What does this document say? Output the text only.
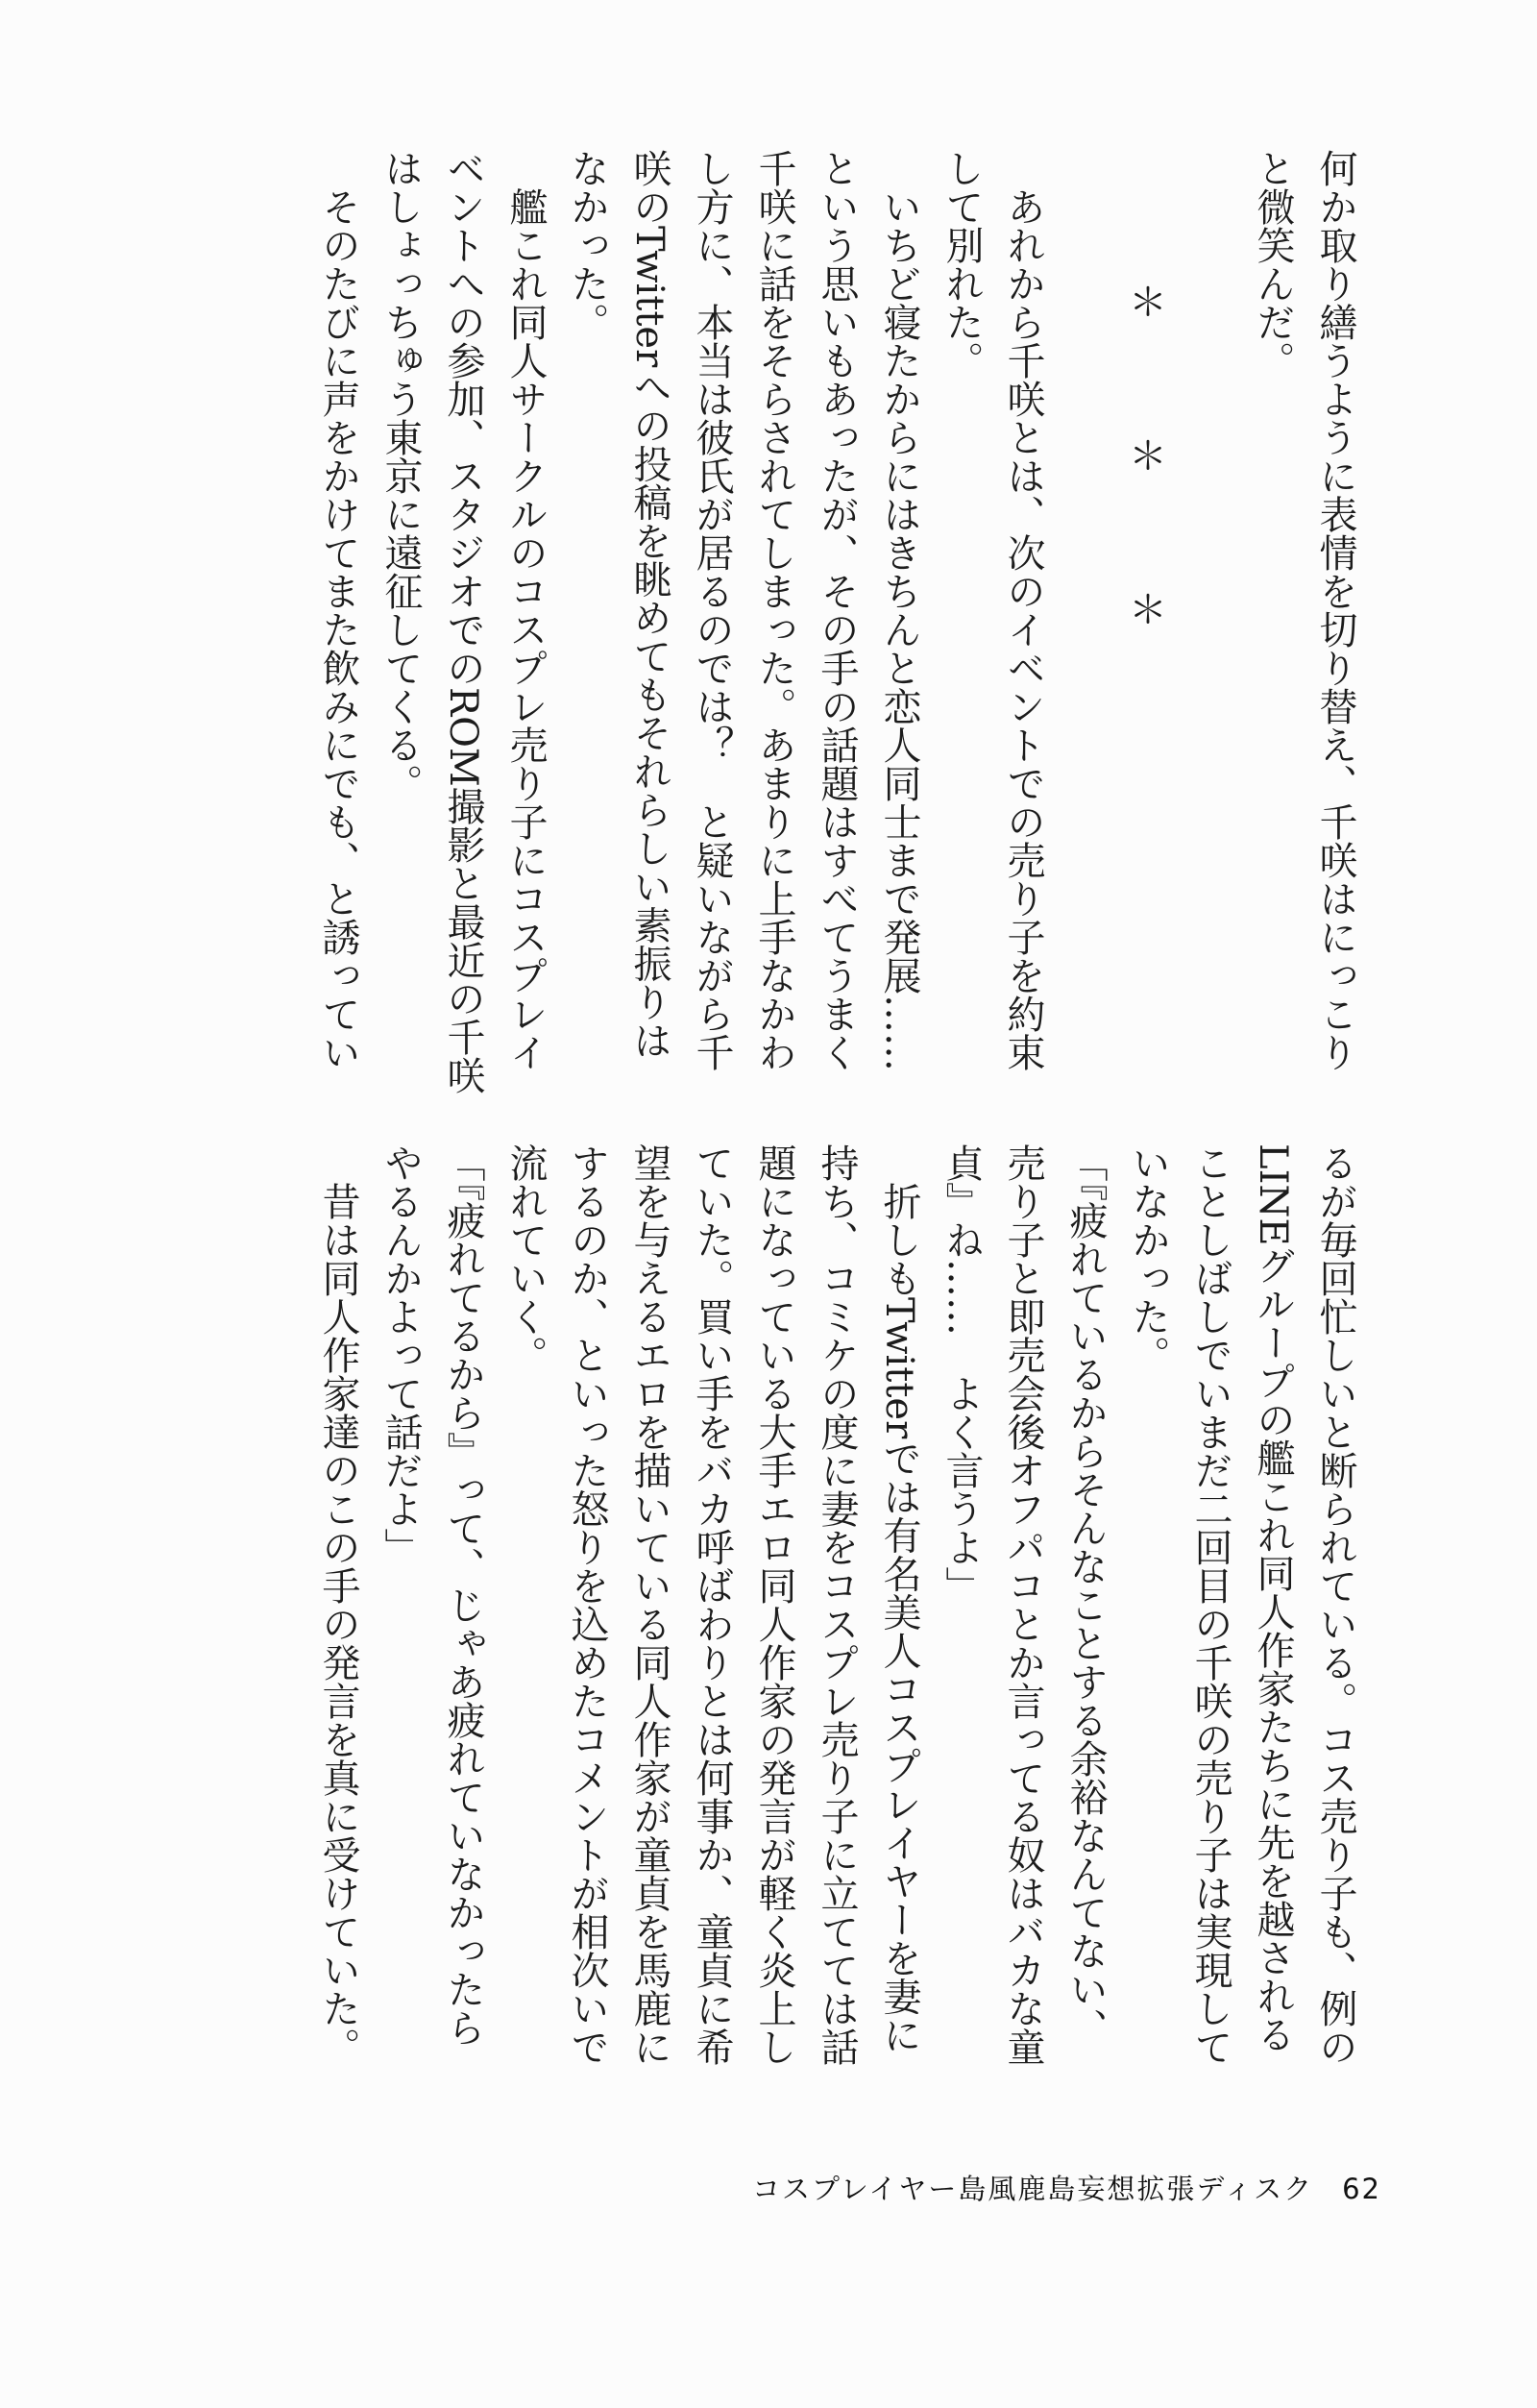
何か取り繕うように表情を切り替え、千咲はにっこり
と微笑んだ。
＊
＊
＊
あれから千咲とは、次のイベントでの売り子を約束
して別れた。
いちど寝たからにはきちんと恋人同士まで発展……
という思いもあったが、その手の話題はすべてうまく
千咲に話をそらされてしまった。あまりに上手なかわ
し方に、本当は彼氏が居るのでは？　と疑いながら千
咲のTwitterへの投稿を眺めてもそれらしい素振りは
なかった。
艦これ同人サークルのコスプレ売り子にコスプレイ
ベントへの参加、スタジオでのROM撮影と最近の千咲
はしょっちゅう東京に遠征してくる。
そのたびに声をかけてまた飲みにでも、と誘ってい
るが毎回忙しいと断られている。コス売り子も、例の
LINEグループの艦これ同人作家たちに先を越される
ことしばしでいまだ二回目の千咲の売り子は実現して
いなかった。
「『疲れているからそんなことする余裕なんてない、
売り子と即売会後オフパコとか言ってる奴はバカな童
貞』ね……　よく言うよ」
折しもTwitterでは有名美人コスプレイヤーを妻に
持ち、コミケの度に妻をコスプレ売り子に立てては話
題になっている大手エロ同人作家の発言が軽く炎上し
ていた。買い手をバカ呼ばわりとは何事か、童貞に希
望を与えるエロを描いている同人作家が童貞を馬鹿に
するのか、といった怒りを込めたコメントが相次いで
流れていく。
「『疲れてるから』って、じゃあ疲れていなかったら
やるんかよって話だよ」
昔は同人作家達のこの手の発言を真に受けていた。
コスプレイヤー島風鹿島妄想拡張ディスク 62
